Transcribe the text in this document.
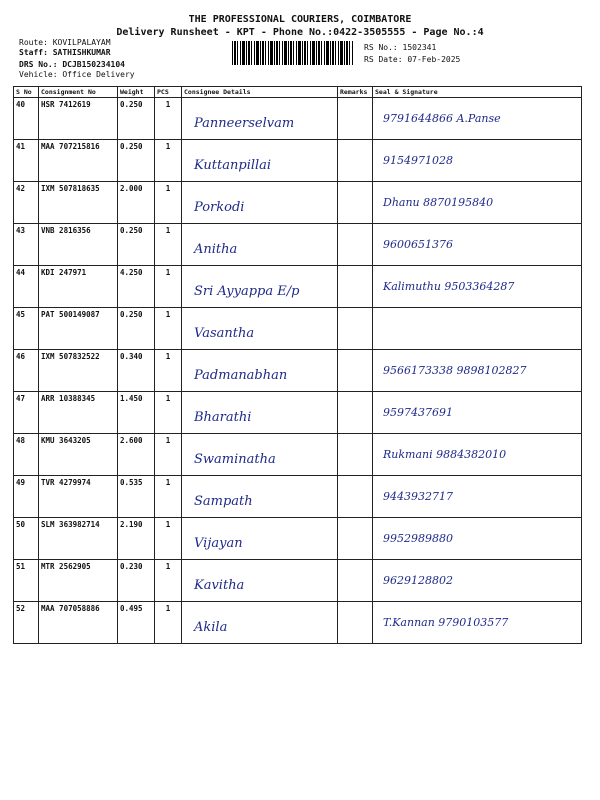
THE PROFESSIONAL COURIERS, COIMBATORE
Delivery Runsheet - KPT - Phone No.:0422-3505555 - Page No.:4
Route: KOVILPALAYAM
Staff: SATHISHKUMAR
DRS No.: DCJB150234104
Vehicle: Office Delivery
RS No.: 1502341
RS Date: 07-Feb-2025
S No	Consignment No	Weight	PCS	Consignee Details	Remarks	Seal & Signature
40	HSR 7412619	0.250	1	Panneerselvam		9791644866 A.Panse
41	MAA 707215816	0.250	1	Kuttanpillai		9154971028
42	IXM 507818635	2.000	1	Porkodi		Dhanu 8870195840
43	VNB 2816356	0.250	1	Anitha		9600651376
44	KDI 247971	4.250	1	Sri Ayyappa E/p		Kalimuthu 9503364287
45	PAT 500149087	0.250	1	Vasantha		

46	IXM 507832522	0.340	1	Padmanabhan		9566173338 9898102827
47	ARR 10388345	1.450	1	Bharathi		9597437691
48	KMU 3643205	2.600	1	Swaminatha		Rukmani 9884382010
49	TVR 4279974	0.535	1	Sampath		9443932717
50	SLM 363982714	2.190	1	Vijayan		9952989880
51	MTR 2562905	0.230	1	Kavitha		9629128802
52	MAA 707058886	0.495	1	Akila		T.Kannan 9790103577
